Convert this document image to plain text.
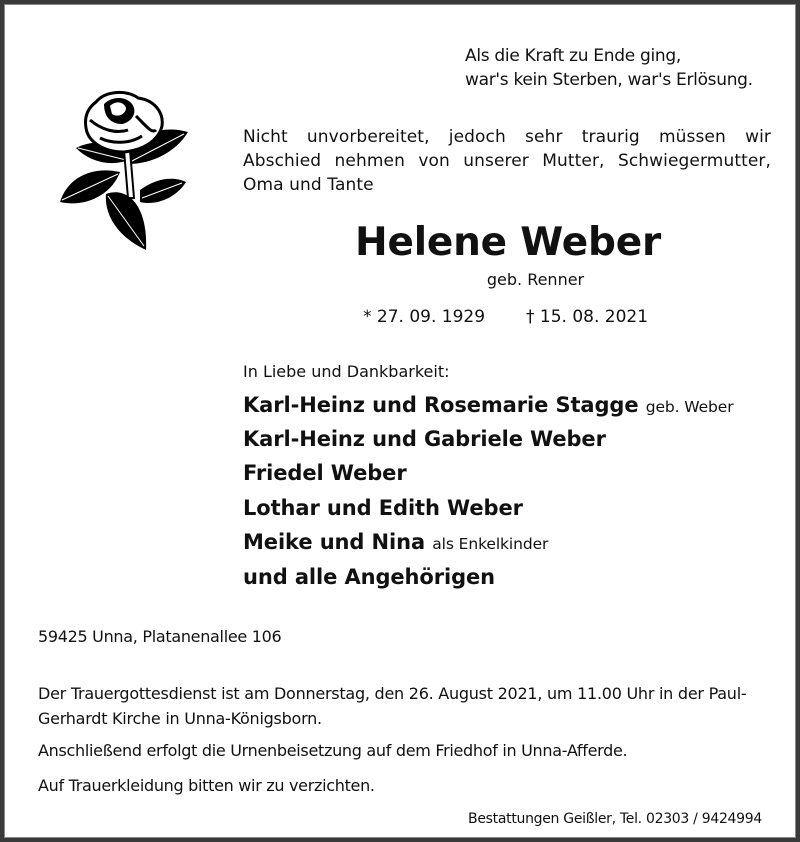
Als die Kraft zu Ende ging,
war's kein Sterben, war's Erlösung.
Nicht unvorbereitet, jedoch sehr traurig müssen wir
Abschied nehmen von unserer Mutter, Schwiegermutter,
Oma und Tante
Helene Weber
geb. Renner
* 27. 09. 1929 † 15. 08. 2021
In Liebe und Dankbarkeit:
Karl-Heinz und Rosemarie Stagge geb. Weber
Karl-Heinz und Gabriele Weber
Friedel Weber
Lothar und Edith Weber
Meike und Nina als Enkelkinder
und alle Angehörigen
59425 Unna, Platanenallee 106
Der Trauergottesdienst ist am Donnerstag, den 26. August 2021, um 11.00 Uhr in der Paul-Gerhardt Kirche in Unna-Königsborn.
Anschließend erfolgt die Urnenbeisetzung auf dem Friedhof in Unna-Afferde.
Auf Trauerkleidung bitten wir zu verzichten.
Bestattungen Geißler, Tel. 02303 / 9424994
